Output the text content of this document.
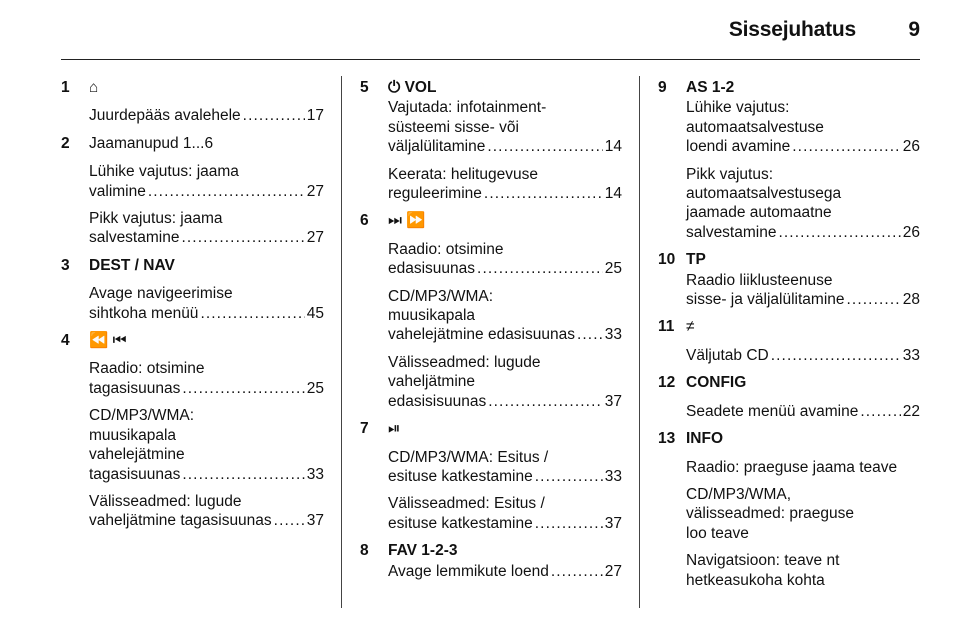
Sissejuhatus 9
1	⌂
Juurdepääs avalehele . . .	17
2	Jaamanupud 1...6
Lühike vajutus: jaama
valimine . . .	27
Pikk vajutus: jaama
salvestamine . . .	27
3	DEST / NAV
Avage navigeerimise
sihtkoha menüü . . .	45
4	⏪ ⏮
Raadio: otsimine
tagasisuunas . . .	25
CD/MP3/WMA:
muusikapala
vahelejätmine
tagasisuunas . . .	33
Välisseadmed: lugude
vaheljätmine tagasisuunas . . . 37
5	⏻ VOL
Vajutada: infotainment-
süsteemi sisse- või
väljalülitamine . . .	14
Keerata: helitugevuse
reguleerimine . . .	14
6	⏭ ⏩
Raadio: otsimine
edasisuunas . . .	25
CD/MP3/WMA:
muusikapala
vahelejätmine edasisuunas . . . 33
Välisseadmed: lugude
vaheljätmine
edasisisuunas . . .	37
7	⏯
CD/MP3/WMA: Esitus /
esituse katkestamine . . .	33
Välisseadmed: Esitus /
esituse katkestamine . . .	37
8	FAV 1-2-3
Avage lemmikute loend . . .	27
9	AS 1-2
Lühike vajutus:
automaatsalvestuse
loendi avamine . . .	26
Pikk vajutus:
automaatsalvestusega
jaamade automaatne
salvestamine . . .	26
10 TP
Raadio liiklusteenuse
sisse- ja väljalülitamine . . .	28
11 ≠
Väljutab CD . . .	33
12 CONFIG
Seadete menüü avamine . . .	22
13 INFO
Raadio: praeguse jaama teave
CD/MP3/WMA,
välisseadmed: praeguse
loo teave
Navigatsioon: teave nt
hetkeasukoha kohta
